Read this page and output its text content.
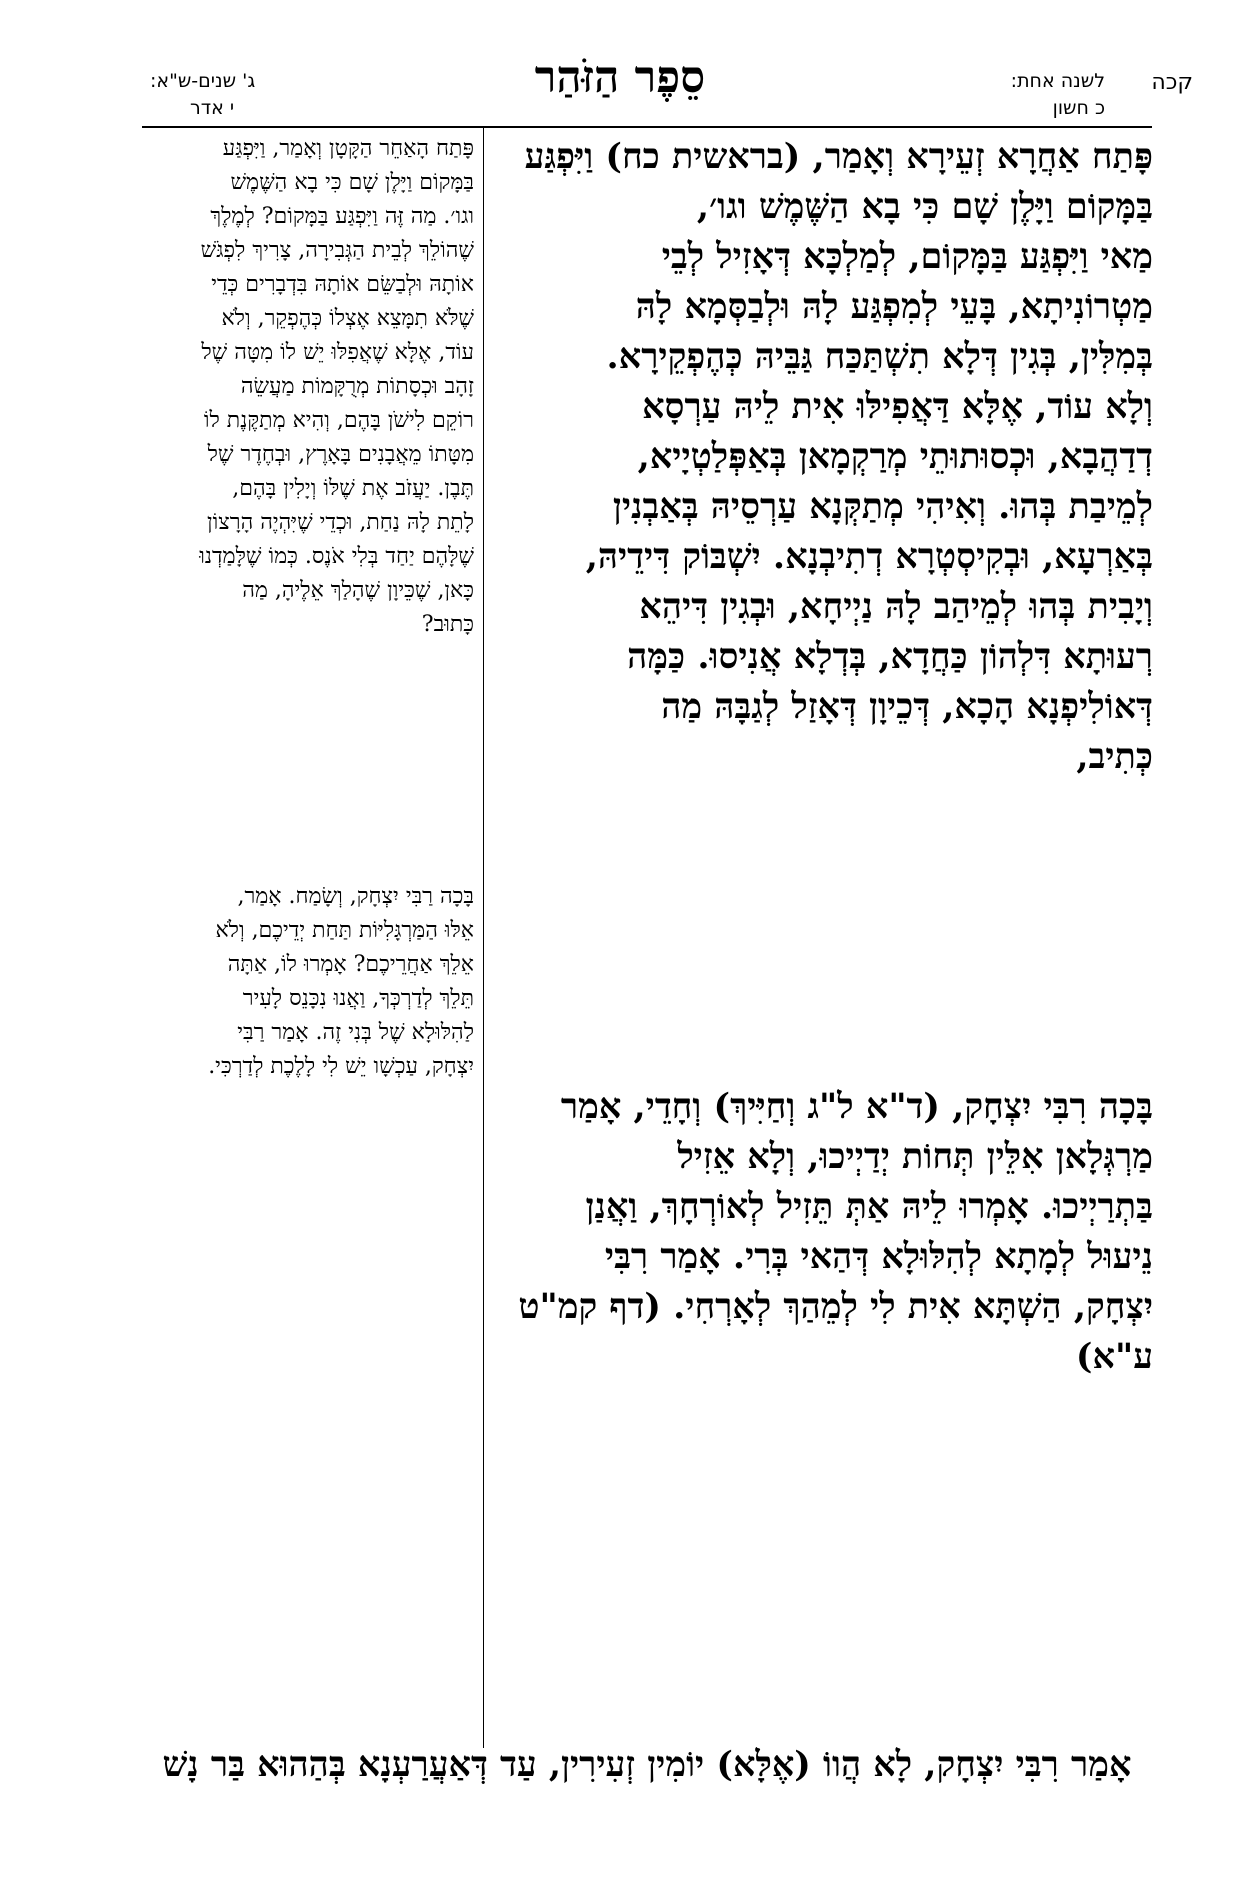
לשנה אחת: קכה
כ חשון
סֵפֶר הַזֹּהַר
ג' שנים-ש"א:
י אדר
פָּתַח אַחֲרָא זְעֵירָא וְאָמַר, (בראשית כח) וַיִּפְגַּע
בַּמָּקוֹם וַיָּלֶן שָׁם כִּי בָא הַשֶּׁמֶשׁ וגו׳,
מַאי וַיִּפְגַּע בַּמָּקוֹם, לְמַלְכָּא דְּאָזִיל לְבֵי
מַטְרוֹנִיתָא, בָּעֵי לְמִפְגַּע לָהּ וּלְבַסְּמָא לָהּ
בְּמִלִּין, בְּגִין דְּלָא תִשְׁתַּכַּח גַּבֵּיהּ כְּהֶפְקֵירָא.
וְלָא עוֹד, אֶלָּא דַּאֲפִילּוּ אִית לֵיהּ עַרְסָא
דְדַהֲבָא, וּכְסוּתוּתֵי מְרַקְמָאן בְּאַפְּלַטְיָיא,
לְמֵיבַת בְּהוּ. וְאִיהִי מְתַקְּנָא עַרְסֵיהּ בְּאַבְנִין
בְּאַרְעָא, וּבְקִיסְטְרָא דְתִיבְנָא. יִשְׁבּוֹק דִּידֵיהּ,
וְיָבִית בְּהוּ לְמֵיהַב לָהּ נַיְיחָא, וּבְגִין דִּיהֵא
רְעוּתָא דִּלְהוֹן כַּחֲדָא, בְּדְלָא אֲנִיסוּ. כַּמָּה
דְּאוֹלִיפְנָא הָכָא, דְּכֵיוָן דְּאָזַל לְגַבָּהּ מַה
כְּתִיב,

בָּכָה רִבִּי יִצְחָק, (ד"א ל"ג וְחַיִּיךְ) וְחָדֵי, אָמַר
מַרְגְּלָאן אִלֵּין תְּחוֹת יְדַיְיכוּ, וְלָא אֵזִיל
בַּתְרַיְיכוּ. אָמְרוּ לֵיהּ אַתְּ תֵּזִיל לְאוֹרְחָךְ, וַאֲנַן
נֵיעוּל לְמָתָא לְהִלּוּלָא דְּהַאי בְּרִי. אָמַר רִבִּי
יִצְחָק, הַשְׁתָּא אִית לִי לְמֵהַךְ לְאָרְחִי. (דף קמ"ט
ע"א)
פָּתַח הָאַחֵר הַקָּטָן וְאָמַר, וַיִּפְגַּע
בַּמָּקוֹם וַיָּלֶן שָׁם כִּי בָא הַשֶּׁמֶשׁ
וגו׳. מַה זֶּה וַיִּפְגַּע בַּמָּקוֹם? לְמֶלֶךְ
שֶׁהוֹלֵךְ לְבֵית הַגְּבִירָה, צָרִיךְ לִפְגֹּשׁ
אוֹתָהּ וּלְבַשֵּׂם אוֹתָהּ בִּדְבָרִים כְּדֵי
שֶׁלֹּא תִמָּצֵא אֶצְלוֹ כְּהֶפְקֵר, וְלֹא
עוֹד, אֶלָּא שֶׁאֲפִלּוּ יֵשׁ לוֹ מִטָּה שֶׁל
זָהָב וּכְסָתוֹת מְרֻקָּמוֹת מַעֲשֵׂה
רוֹקֵם לִישֹׁן בָּהֶם, וְהִיא מְתַקֶּנֶת לוֹ
מִטָּתוֹ מֵאֲבָנִים בָּאָרֶץ, וּבְחֶדֶר שֶׁל
תֶּבֶן. יַעֲזֹב אֶת שֶׁלּוֹ וְיָלִין בָּהֶם,
לָתֵת לָהּ נַחַת, וּכְדֵי שֶׁיִּהְיֶה הָרָצוֹן
שֶׁלָּהֶם יַחַד בְּלִי אֹנֶס. כְּמוֹ שֶׁלָּמַדְנוּ
כָּאן, שֶׁכֵּיוָן שֶׁהָלַךְ אֵלֶיהָ, מַה
כָּתוּב?

בָּכָה רַבִּי יִצְחָק, וְשָׂמַח. אָמַר,
אֵלּוּ הַמַּרְגָּלִיּוֹת תַּחַת יְדֵיכֶם, וְלֹא
אֵלֵךְ אַחֲרֵיכֶם? אָמְרוּ לוֹ, אַתָּה
תֵּלֵךְ לְדַרְכְּךָ, וַאֲנוּ נִכָּנֵס לָעִיר
לַהִלּוּלָא שֶׁל בְּנִי זֶה. אָמַר רַבִּי
יִצְחָק, עַכְשָׁו יֵשׁ לִי לָלֶכֶת לְדַרְכִּי.
אָמַר רִבִּי יִצְחָק, לָא הֲווֹ (אֶלָּא) יוֹמִין זְעִירִין, עַד דְּאַעֲרַעְנָא בְּהַהוּא בַּר נָשׁ
